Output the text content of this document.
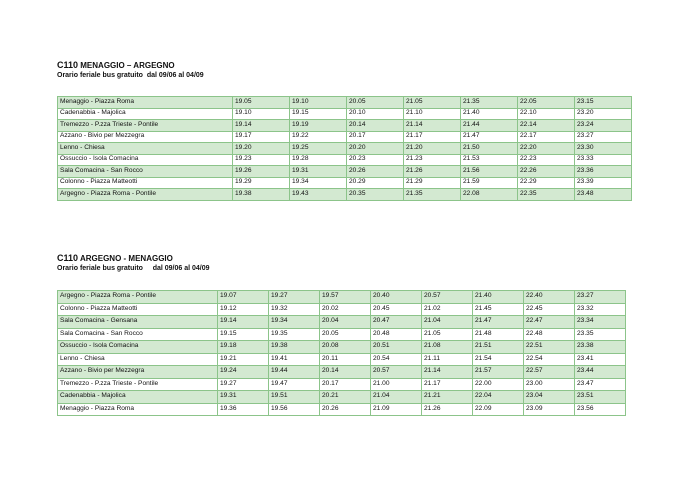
C110 MENAGGIO – ARGEGNO
Orario feriale bus gratuito dal 09/06 al 04/09
Menaggio - Piazza Roma	19.05	19.10	20.05	21.05	21.35	22.05	23.15
Cadenabbia - Majolica	19.10	19.15	20.10	21.10	21.40	22.10	23.20
Tremezzo - P.zza Trieste - Pontile	19.14	19.19	20.14	21.14	21.44	22.14	23.24
Azzano - Bivio per Mezzegra	19.17	19.22	20.17	21.17	21.47	22.17	23.27
Lenno - Chiesa	19.20	19.25	20.20	21.20	21.50	22.20	23.30
Ossuccio - Isola Comacina	19.23	19.28	20.23	21.23	21.53	22.23	23.33
Sala Comacina - San Rocco	19.26	19.31	20.26	21.26	21.56	22.26	23.36
Colonno - Piazza Matteotti	19.29	19.34	20.29	21.29	21.59	22.29	23.39
Argegno - Piazza Roma - Pontile	19.38	19.43	20.35	21.35	22.08	22.35	23.48
C110 ARGEGNO - MENAGGIO
Orario feriale bus gratuito dal 09/06 al 04/09
Argegno - Piazza Roma - Pontile	19.07	19.27	19.57	20.40	20.57	21.40	22.40	23.27
Colonno - Piazza Matteotti	19.12	19.32	20.02	20.45	21.02	21.45	22.45	23.32
Sala Comacina - Gensana	19.14	19.34	20.04	20.47	21.04	21.47	22.47	23.34
Sala Comacina - San Rocco	19.15	19.35	20.05	20.48	21.05	21.48	22.48	23.35
Ossuccio - Isola Comacina	19.18	19.38	20.08	20.51	21.08	21.51	22.51	23.38
Lenno - Chiesa	19.21	19.41	20.11	20.54	21.11	21.54	22.54	23.41
Azzano - Bivio per Mezzegra	19.24	19.44	20.14	20.57	21.14	21.57	22.57	23.44
Tremezzo - P.zza Trieste - Pontile	19.27	19.47	20.17	21.00	21.17	22.00	23.00	23.47
Cadenabbia - Majolica	19.31	19.51	20.21	21.04	21.21	22.04	23.04	23.51
Menaggio - Piazza Roma	19.36	19.56	20.26	21.09	21.26	22.09	23.09	23.56
